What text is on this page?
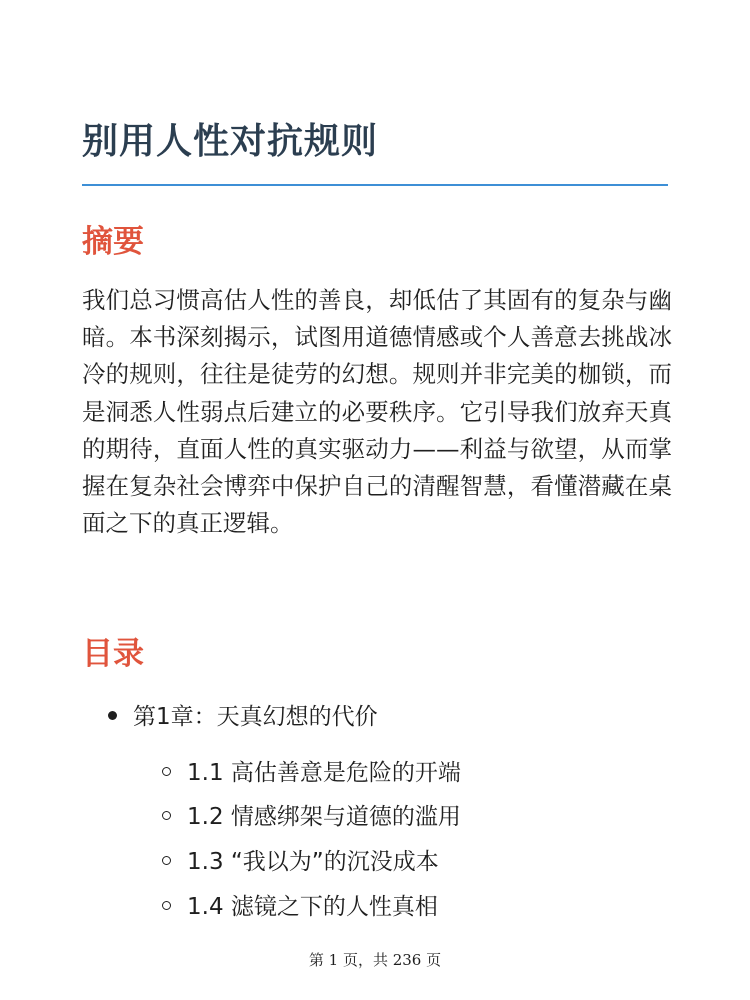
别用人性对抗规则
摘要

我们总习惯高估人性的善良，却低估了其固有的复杂与幽暗。本书深刻揭示，试图用道德情感或个人善意去挑战冰冷的规则，往往是徒劳的幻想。规则并非完美的枷锁，而是洞悉人性弱点后建立的必要秩序。它引导我们放弃天真的期待，直面人性的真实驱动力——利益与欲望，从而掌握在复杂社会博弈中保护自己的清醒智慧，看懂潜藏在桌面之下的真正逻辑。

目录
第1章：天真幻想的代价
1.1 高估善意是危险的开端
1.2 情感绑架与道德的滥用
1.3 “我以为”的沉没成本
1.4 滤镜之下的人性真相
第 1 页，共 236 页
